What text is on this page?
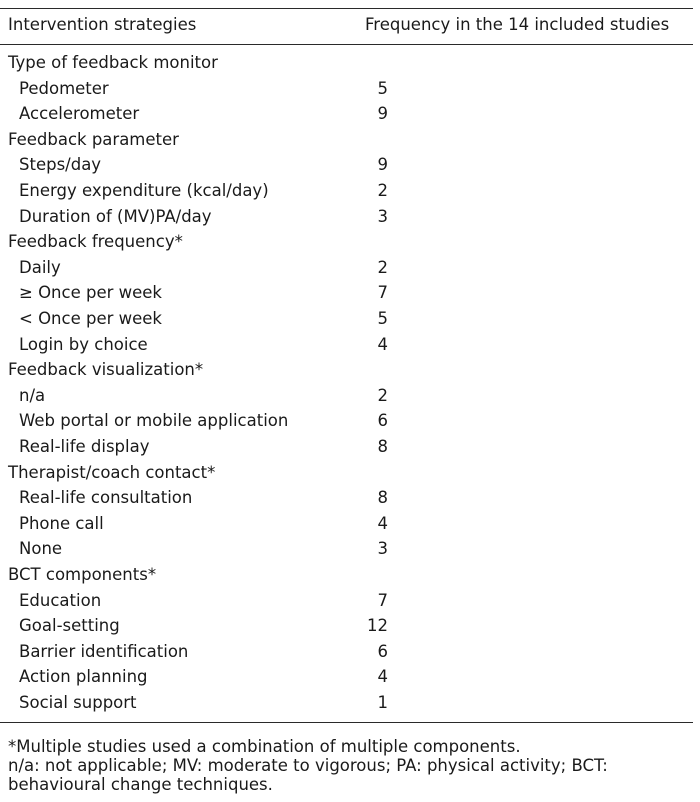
Intervention strategies	Frequency in the 14 included studies
Type of feedback monitor
Pedometer	5
Accelerometer	9
Feedback parameter
Steps/day	9
Energy expenditure (kcal/day)	2
Duration of (MV)PA/day	3
Feedback frequency*
Daily	2
≥ Once per week	7
< Once per week	5
Login by choice	4
Feedback visualization*
n/a	2
Web portal or mobile application	6
Real-life display	8
Therapist/coach contact*
Real-life consultation	8
Phone call	4
None	3
BCT components*
Education	7
Goal-setting	12
Barrier identification	6
Action planning	4
Social support	1
*Multiple studies used a combination of multiple components.
n/a: not applicable; MV: moderate to vigorous; PA: physical activity; BCT: behavioural change techniques.
